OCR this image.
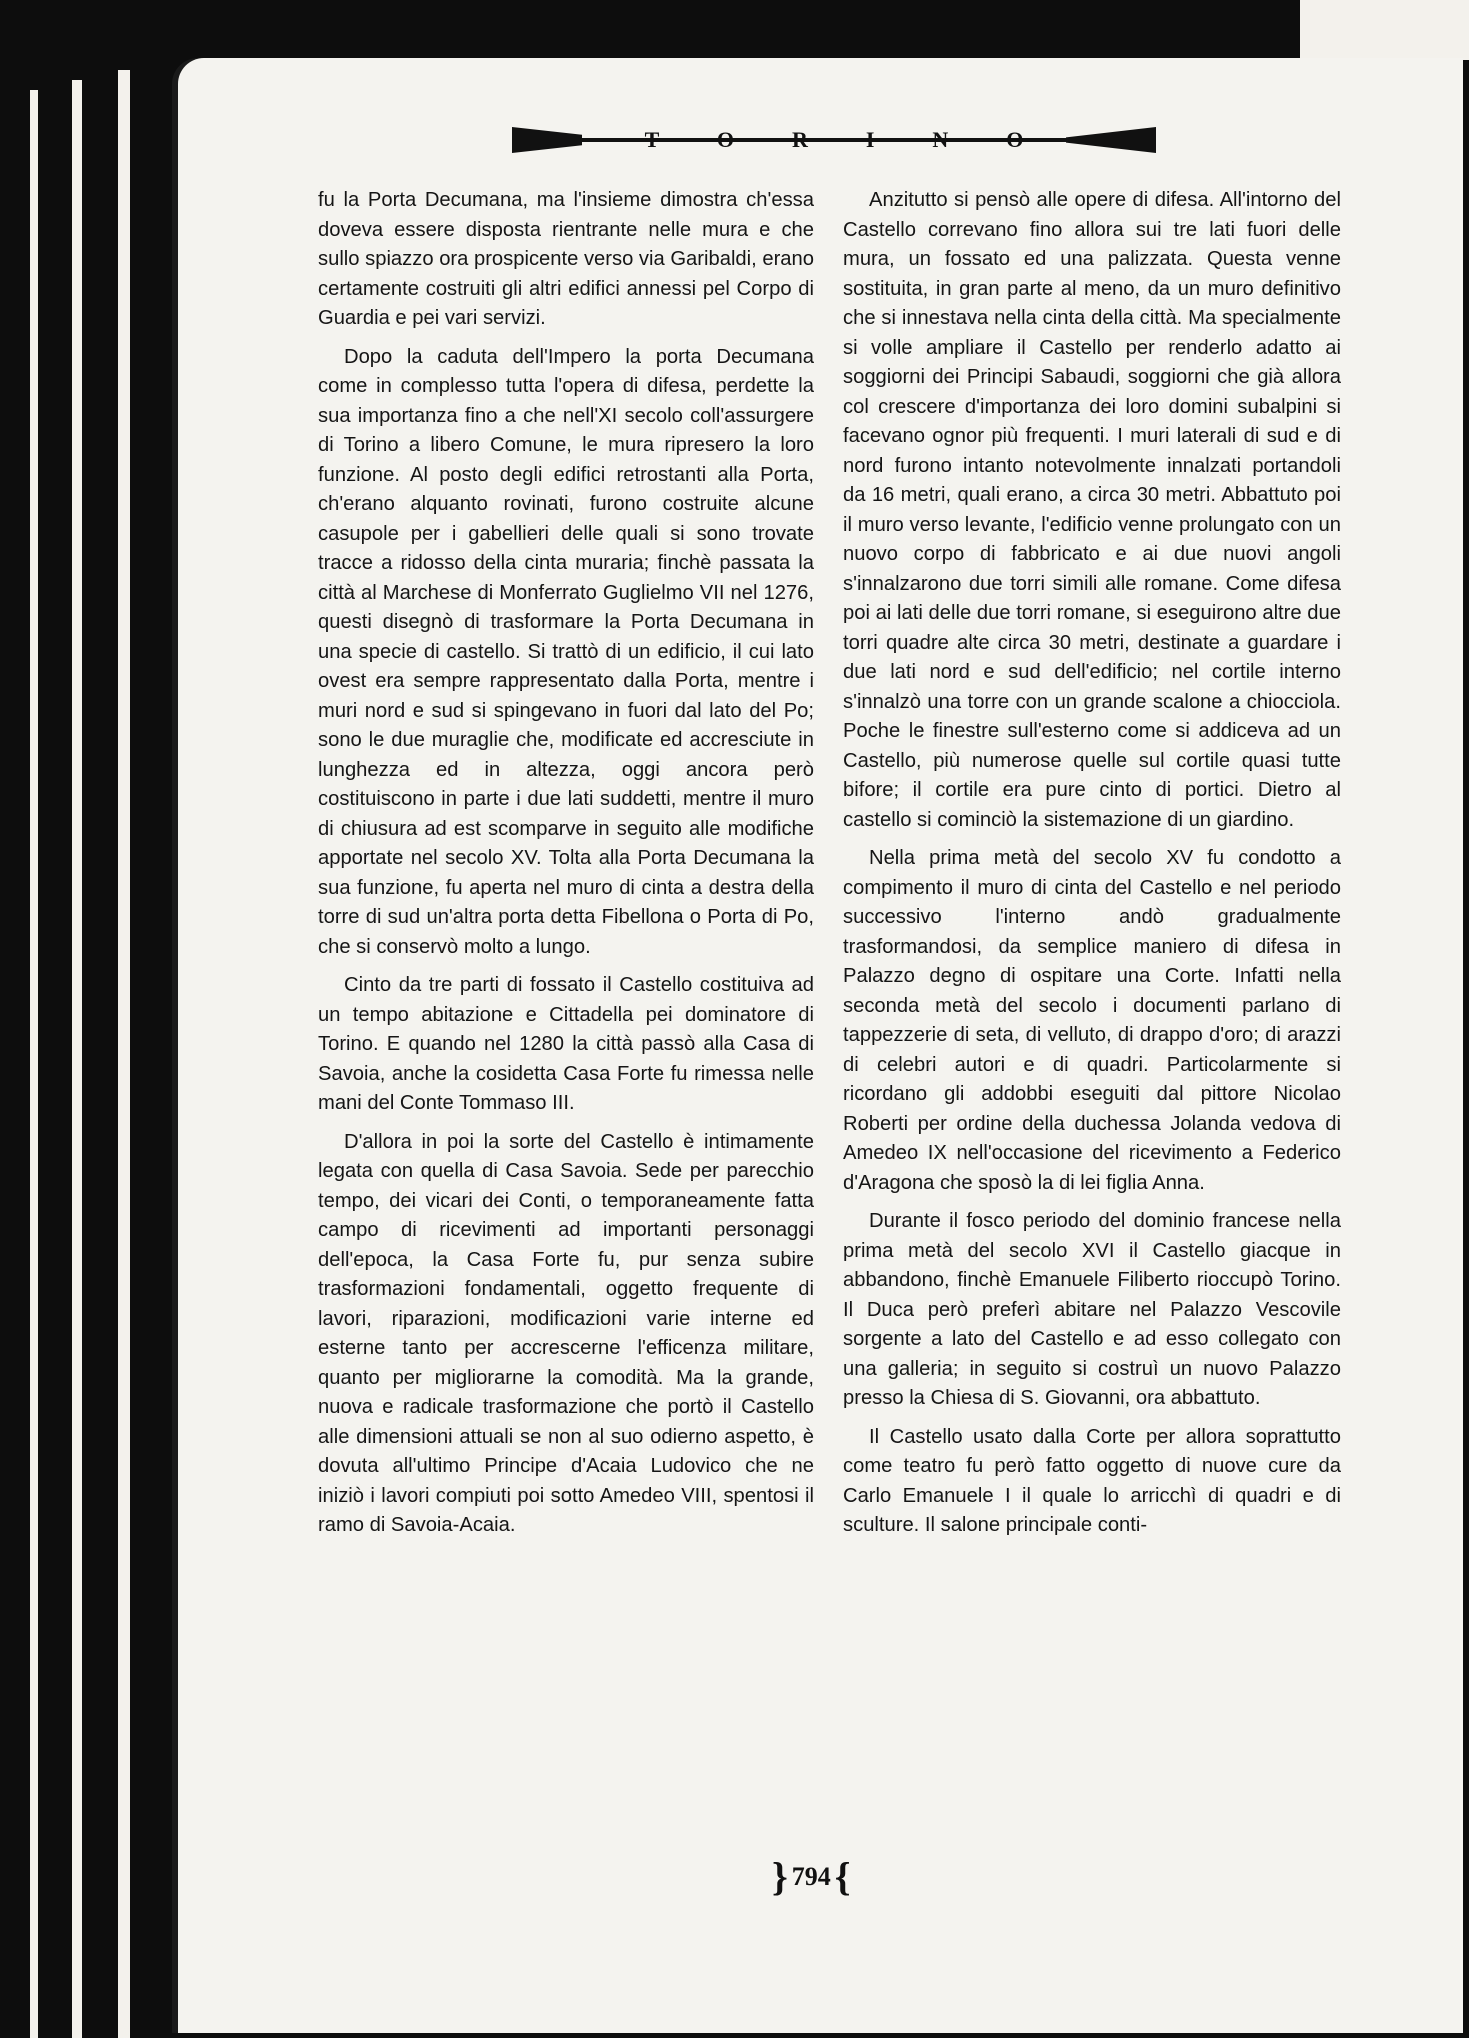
TORINO

fu la Porta Decumana, ma l'insieme dimostra ch'essa doveva essere disposta rientrante nelle mura e che sullo spiazzo ora prospicente verso via Garibaldi, erano certamente costruiti gli altri edifici annessi pel Corpo di Guardia e pei vari servizi.

Dopo la caduta dell'Impero la porta Decumana come in complesso tutta l'opera di difesa, perdette la sua importanza fino a che nell'XI secolo coll'assurgere di Torino a libero Comune, le mura ripresero la loro funzione. Al posto degli edifici retrostanti alla Porta, ch'erano alquanto rovinati, furono costruite alcune casupole per i gabellieri delle quali si sono trovate tracce a ridosso della cinta muraria; finchè passata la città al Marchese di Monferrato Guglielmo VII nel 1276, questi disegnò di trasformare la Porta Decumana in una specie di castello. Si trattò di un edificio, il cui lato ovest era sempre rappresentato dalla Porta, mentre i muri nord e sud si spingevano in fuori dal lato del Po; sono le due muraglie che, modificate ed accresciute in lunghezza ed in altezza, oggi ancora però costituiscono in parte i due lati suddetti, mentre il muro di chiusura ad est scomparve in seguito alle modifiche apportate nel secolo XV. Tolta alla Porta Decumana la sua funzione, fu aperta nel muro di cinta a destra della torre di sud un'altra porta detta Fibellona o Porta di Po, che si conservò molto a lungo.

Cinto da tre parti di fossato il Castello costituiva ad un tempo abitazione e Cittadella pei dominatore di Torino. E quando nel 1280 la città passò alla Casa di Savoia, anche la cosidetta Casa Forte fu rimessa nelle mani del Conte Tommaso III.

D'allora in poi la sorte del Castello è intimamente legata con quella di Casa Savoia. Sede per parecchio tempo, dei vicari dei Conti, o temporaneamente fatta campo di ricevimenti ad importanti personaggi dell'epoca, la Casa Forte fu, pur senza subire trasformazioni fondamentali, oggetto frequente di lavori, riparazioni, modificazioni varie interne ed esterne tanto per accrescerne l'efficenza militare, quanto per migliorarne la comodità. Ma la grande, nuova e radicale trasformazione che portò il Castello alle dimensioni attuali se non al suo odierno aspetto, è dovuta all'ultimo Principe d'Acaia Ludovico che ne iniziò i lavori compiuti poi sotto Amedeo VIII, spentosi il ramo di Savoia-Acaia.

Anzitutto si pensò alle opere di difesa. All'intorno del Castello correvano fino allora sui tre lati fuori delle mura, un fossato ed una palizzata. Questa venne sostituita, in gran parte al meno, da un muro definitivo che si innestava nella cinta della città. Ma specialmente si volle ampliare il Castello per renderlo adatto ai soggiorni dei Principi Sabaudi, soggiorni che già allora col crescere d'importanza dei loro domini subalpini si facevano ognor più frequenti. I muri laterali di sud e di nord furono intanto notevolmente innalzati portandoli da 16 metri, quali erano, a circa 30 metri. Abbattuto poi il muro verso levante, l'edificio venne prolungato con un nuovo corpo di fabbricato e ai due nuovi angoli s'innalzarono due torri simili alle romane. Come difesa poi ai lati delle due torri romane, si eseguirono altre due torri quadre alte circa 30 metri, destinate a guardare i due lati nord e sud dell'edificio; nel cortile interno s'innalzò una torre con un grande scalone a chiocciola. Poche le finestre sull'esterno come si addiceva ad un Castello, più numerose quelle sul cortile quasi tutte bifore; il cortile era pure cinto di portici. Dietro al castello si cominciò la sistemazione di un giardino.

Nella prima metà del secolo XV fu condotto a compimento il muro di cinta del Castello e nel periodo successivo l'interno andò gradualmente trasformandosi, da semplice maniero di difesa in Palazzo degno di ospitare una Corte. Infatti nella seconda metà del secolo i documenti parlano di tappezzerie di seta, di velluto, di drappo d'oro; di arazzi di celebri autori e di quadri. Particolarmente si ricordano gli addobbi eseguiti dal pittore Nicolao Roberti per ordine della duchessa Jolanda vedova di Amedeo IX nell'occasione del ricevimento a Federico d'Aragona che sposò la di lei figlia Anna.

Durante il fosco periodo del dominio francese nella prima metà del secolo XVI il Castello giacque in abbandono, finchè Emanuele Filiberto rioccupò Torino. Il Duca però preferì abitare nel Palazzo Vescovile sorgente a lato del Castello e ad esso collegato con una galleria; in seguito si costruì un nuovo Palazzo presso la Chiesa di S. Giovanni, ora abbattuto.

Il Castello usato dalla Corte per allora soprattutto come teatro fu però fatto oggetto di nuove cure da Carlo Emanuele I il quale lo arricchì di quadri e di sculture. Il salone principale conti-

} 794 {
